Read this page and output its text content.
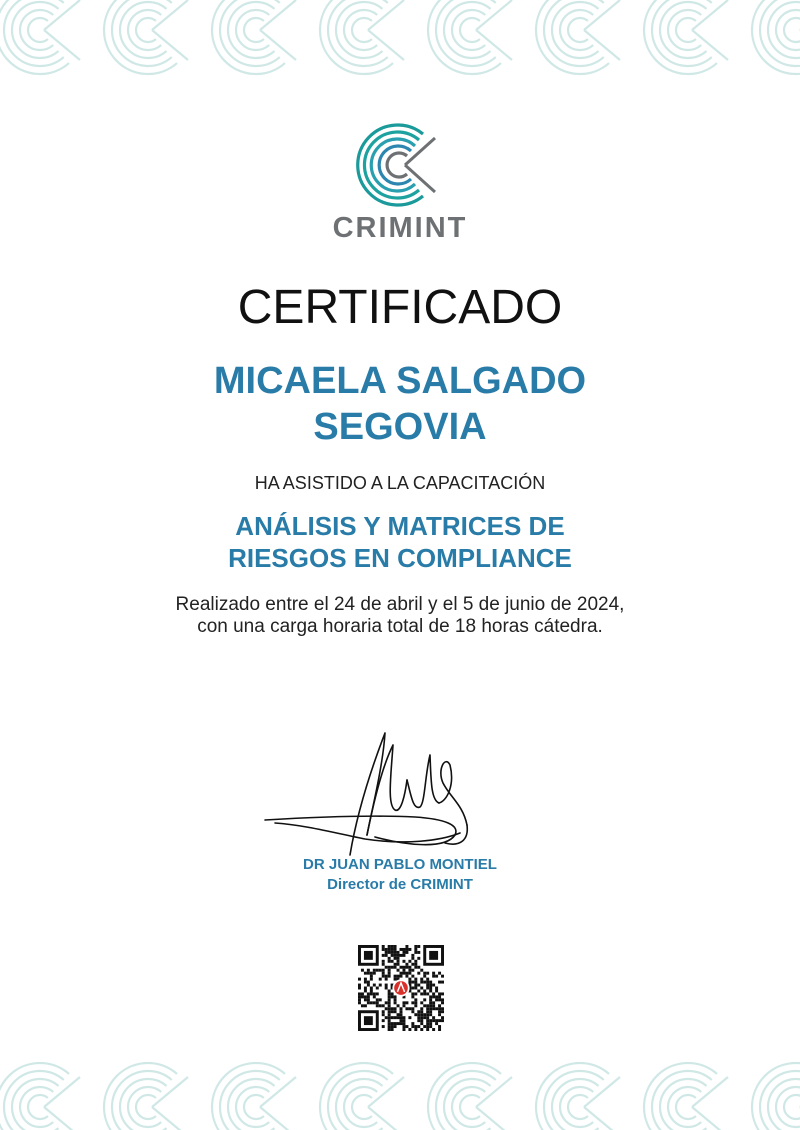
CRIMINT
CERTIFICADO
MICAELA SALGADO
SEGOVIA
HA ASISTIDO A LA CAPACITACIÓN
ANÁLISIS Y MATRICES DE
RIESGOS EN COMPLIANCE
Realizado entre el 24 de abril y el 5 de junio de 2024,
con una carga horaria total de 18 horas cátedra.
DR JUAN PABLO MONTIEL
Director de CRIMINT
